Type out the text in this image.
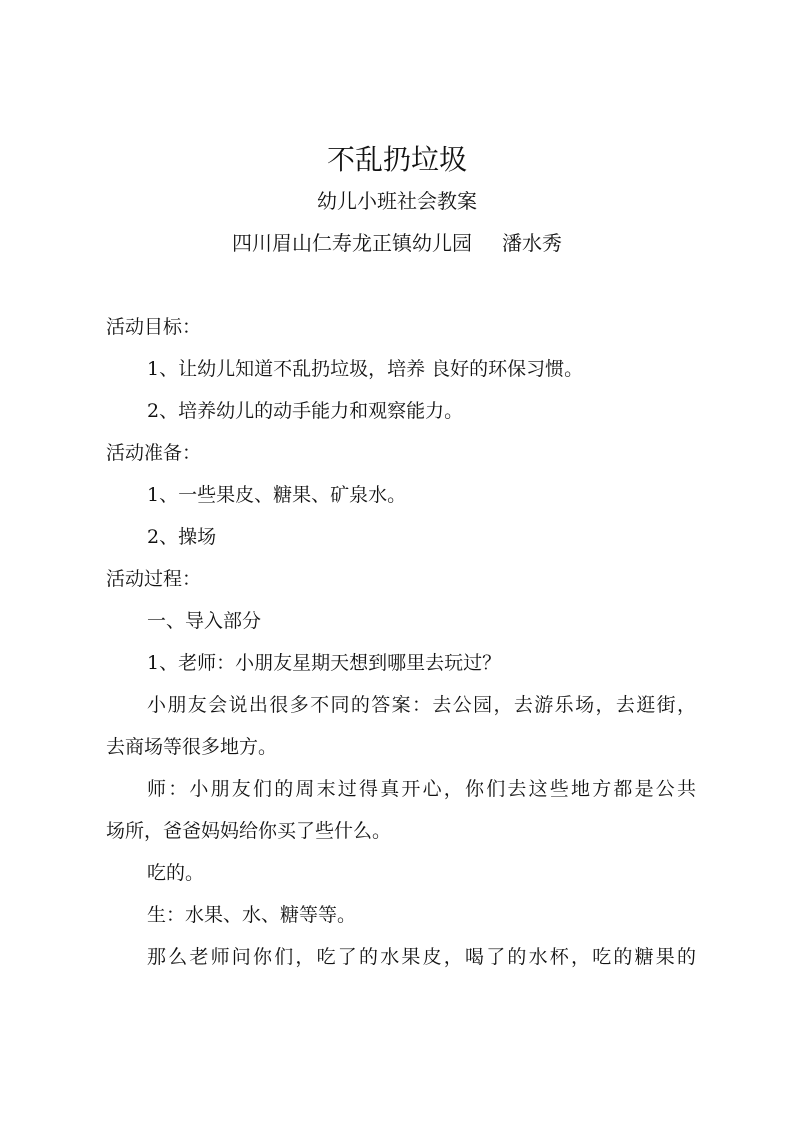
不乱扔垃圾
幼儿小班社会教案
四川眉山仁寿龙正镇幼儿园 潘水秀
活动目标：
1、让幼儿知道不乱扔垃圾，培养 良好的环保习惯。
2、培养幼儿的动手能力和观察能力。
活动准备：
1、一些果皮、糖果、矿泉水。
2、操场
活动过程：
一、导入部分
1、老师：小朋友星期天想到哪里去玩过？
小朋友会说出很多不同的答案：去公园，去游乐场，去逛街，
去商场等很多地方。
师：小朋友们的周末过得真开心，你们去这些地方都是公共
场所，爸爸妈妈给你买了些什么。
吃的。
生：水果、水、糖等等。
那么老师问你们，吃了的水果皮，喝了的水杯，吃的糖果的
